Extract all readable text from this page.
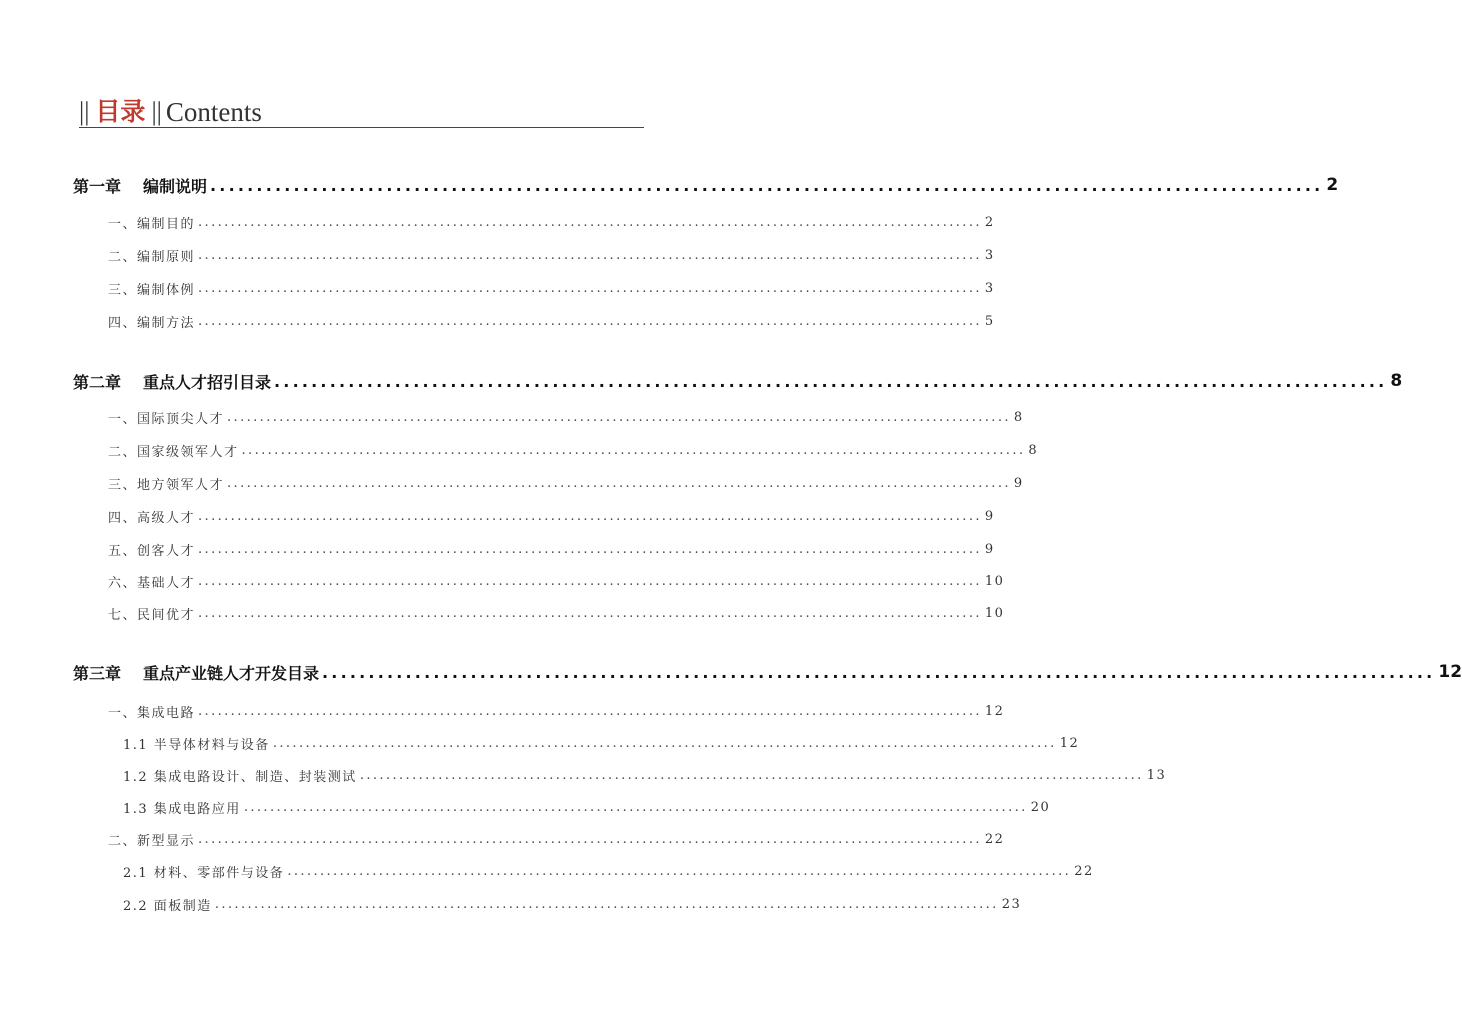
|| 目录 || Contents
第一章 编制说明 ........................................................................................................................ 2
一、编制目的 ........................................................................................................................ 2
二、编制原则 ........................................................................................................................ 3
三、编制体例 ........................................................................................................................ 3
四、编制方法 ........................................................................................................................ 5
第二章 重点人才招引目录 ........................................................................................................................ 8
一、国际顶尖人才 ........................................................................................................................ 8
二、国家级领军人才 ........................................................................................................................ 8
三、地方领军人才 ........................................................................................................................ 9
四、高级人才 ........................................................................................................................ 9
五、创客人才 ........................................................................................................................ 9
六、基础人才 ........................................................................................................................ 10
七、民间优才 ........................................................................................................................ 10
第三章 重点产业链人才开发目录 ........................................................................................................................ 12
一、集成电路 ........................................................................................................................ 12
1.1 半导体材料与设备 ........................................................................................................................ 12
1.2 集成电路设计、制造、封装测试 ........................................................................................................................ 13
1.3 集成电路应用 ........................................................................................................................ 20
二、新型显示 ........................................................................................................................ 22
2.1 材料、零部件与设备 ........................................................................................................................ 22
2.2 面板制造 ........................................................................................................................ 23
